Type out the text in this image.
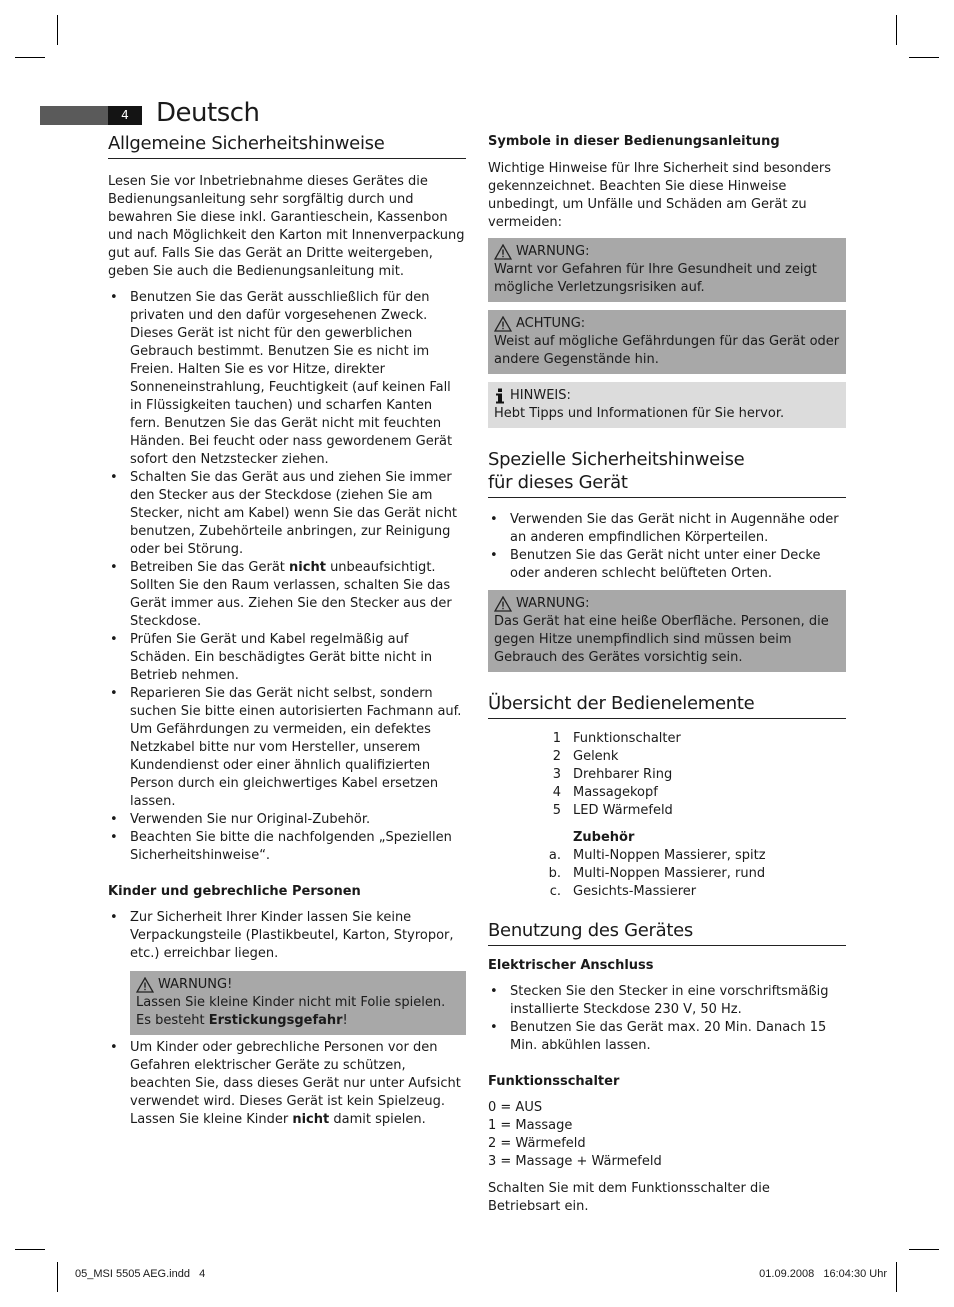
4	Deutsch
Allgemeine Sicherheitshinweise

Lesen Sie vor Inbetriebnahme dieses Gerätes die Bedienungsanleitung sehr sorgfältig durch und bewahren Sie diese inkl. Garantieschein, Kassenbon und nach Möglichkeit den Karton mit Innenverpackung gut auf. Falls Sie das Gerät an Dritte weitergeben, geben Sie auch die Bedienungsanleitung mit.

• Benutzen Sie das Gerät ausschließlich für den privaten und den dafür vorgesehenen Zweck. Dieses Gerät ist nicht für den gewerblichen Gebrauch bestimmt. Benutzen Sie es nicht im Freien. Halten Sie es vor Hitze, direkter Sonneneinstrahlung, Feuchtigkeit (auf keinen Fall in Flüssigkeiten tauchen) und scharfen Kanten fern. Benutzen Sie das Gerät nicht mit feuchten Händen. Bei feucht oder nass gewordenem Gerät sofort den Netzstecker ziehen.
• Schalten Sie das Gerät aus und ziehen Sie immer den Stecker aus der Steckdose (ziehen Sie am Stecker, nicht am Kabel) wenn Sie das Gerät nicht benutzen, Zubehörteile anbringen, zur Reinigung oder bei Störung.
• Betreiben Sie das Gerät nicht unbeaufsichtigt. Sollten Sie den Raum verlassen, schalten Sie das Gerät immer aus. Ziehen Sie den Stecker aus der Steckdose.
• Prüfen Sie Gerät und Kabel regelmäßig auf Schäden. Ein beschädigtes Gerät bitte nicht in Betrieb nehmen.
• Reparieren Sie das Gerät nicht selbst, sondern suchen Sie bitte einen autorisierten Fachmann auf. Um Gefährdungen zu vermeiden, ein defektes Netzkabel bitte nur vom Hersteller, unserem Kundendienst oder einer ähnlich qualifizierten Person durch ein gleichwertiges Kabel ersetzen lassen.
• Verwenden Sie nur Original-Zubehör.
• Beachten Sie bitte die nachfolgenden „Speziellen Sicherheitshinweise“.
Kinder und gebrechliche Personen
• Zur Sicherheit Ihrer Kinder lassen Sie keine Verpackungsteile (Plastikbeutel, Karton, Styropor, etc.) erreichbar liegen.
WARNUNG!
Lassen Sie kleine Kinder nicht mit Folie spielen.
Es besteht Erstickungsgefahr!
• Um Kinder oder gebrechliche Personen vor den Gefahren elektrischer Geräte zu schützen, beachten Sie, dass dieses Gerät nur unter Aufsicht verwendet wird. Dieses Gerät ist kein Spielzeug. Lassen Sie kleine Kinder nicht damit spielen.
Symbole in dieser Bedienungsanleitung

Wichtige Hinweise für Ihre Sicherheit sind besonders gekennzeichnet. Beachten Sie diese Hinweise unbedingt, um Unfälle und Schäden am Gerät zu vermeiden:

WARNUNG:
Warnt vor Gefahren für Ihre Gesundheit und zeigt mögliche Verletzungsrisiken auf.
ACHTUNG:
Weist auf mögliche Gefährdungen für das Gerät oder andere Gegenstände hin.
HINWEIS:
Hebt Tipps und Informationen für Sie hervor.
Spezielle Sicherheitshinweise
für dieses Gerät
• Verwenden Sie das Gerät nicht in Augennähe oder an anderen empfindlichen Körperteilen.
• Benutzen Sie das Gerät nicht unter einer Decke oder anderen schlecht belüfteten Orten.
WARNUNG:
Das Gerät hat eine heiße Oberfläche. Personen, die gegen Hitze unempfindlich sind müssen beim Gebrauch des Gerätes vorsichtig sein.
Übersicht der Bedienelemente
1 Funktionschalter
2 Gelenk
3 Drehbarer Ring
4 Massagekopf
5 LED Wärmefeld
Zubehör
a. Multi-Noppen Massierer, spitz
b. Multi-Noppen Massierer, rund
c. Gesichts-Massierer
Benutzung des Gerätes
Elektrischer Anschluss
• Stecken Sie den Stecker in eine vorschriftsmäßig installierte Steckdose 230 V, 50 Hz.
• Benutzen Sie das Gerät max. 20 Min. Danach 15 Min. abkühlen lassen.
Funktionsschalter
0 = AUS
1 = Massage
2 = Wärmefeld
3 = Massage + Wärmefeld

Schalten Sie mit dem Funktionsschalter die Betriebsart ein.

05_MSI 5505 AEG.indd   4	01.09.2008   16:04:30 Uhr
